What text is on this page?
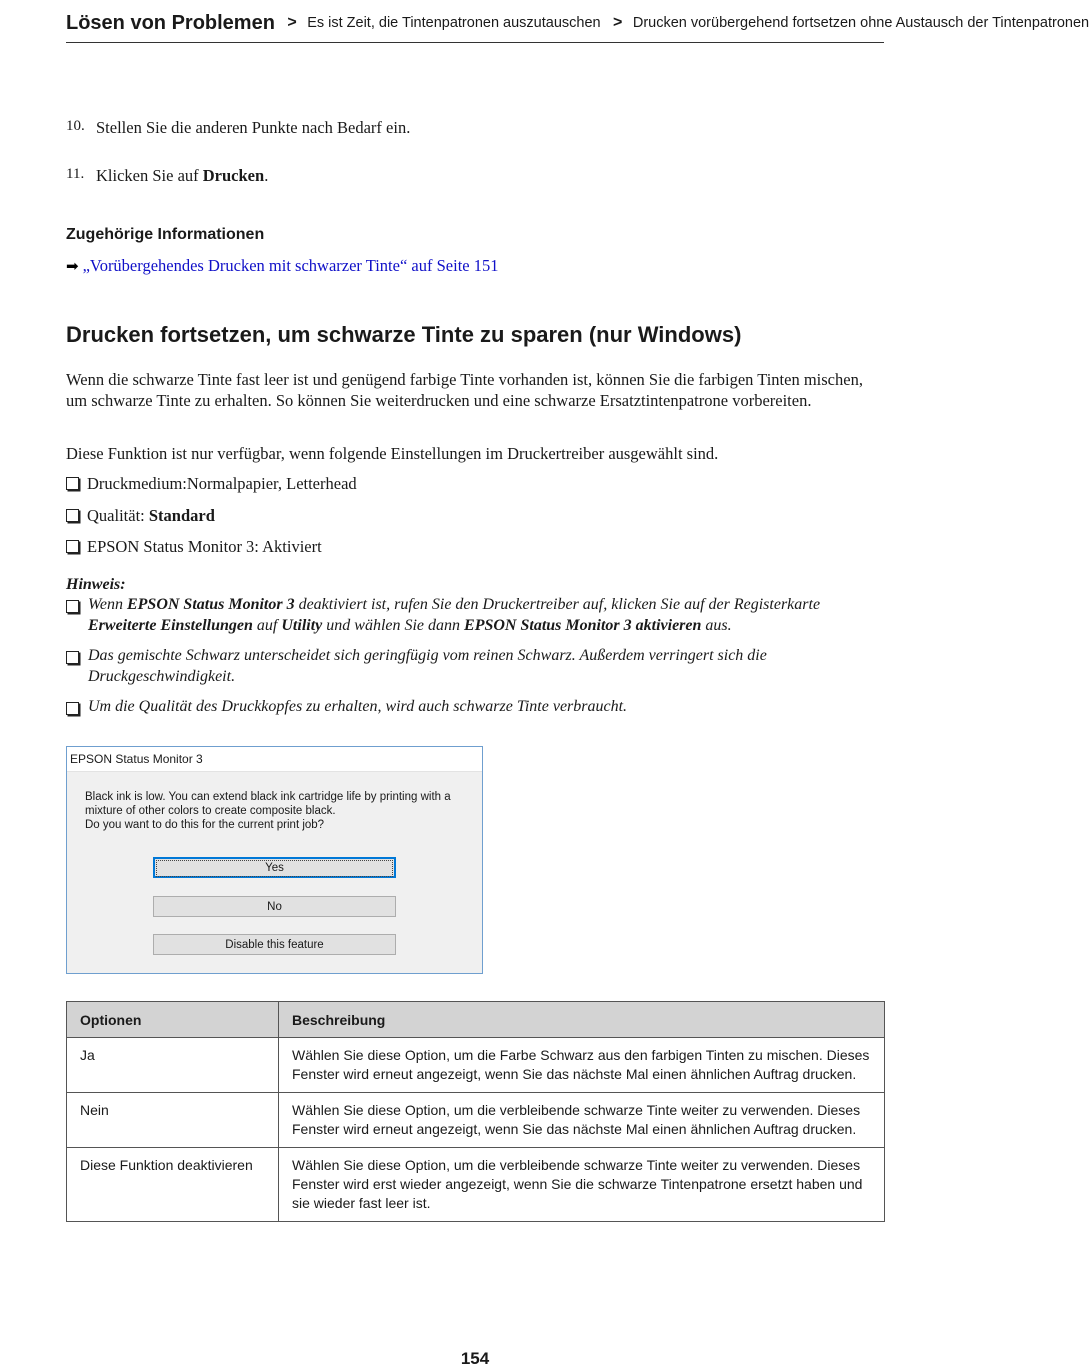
Lösen von Problemen > Es ist Zeit, die Tintenpatronen auszutauschen > Drucken vorübergehend fortsetzen ohne Austausch der Tintenpatronen
10. Stellen Sie die anderen Punkte nach Bedarf ein.
11. Klicken Sie auf Drucken.
Zugehörige Informationen
➡ „Vorübergehendes Drucken mit schwarzer Tinte“ auf Seite 151
Drucken fortsetzen, um schwarze Tinte zu sparen (nur Windows)
Wenn die schwarze Tinte fast leer ist und genügend farbige Tinte vorhanden ist, können Sie die farbigen Tinten mischen, um schwarze Tinte zu erhalten. So können Sie weiterdrucken und eine schwarze Ersatztintenpatrone vorbereiten.
Diese Funktion ist nur verfügbar, wenn folgende Einstellungen im Druckertreiber ausgewählt sind.
Druckmedium:Normalpapier, Letterhead
Qualität: Standard
EPSON Status Monitor 3: Aktiviert
Hinweis:
Wenn EPSON Status Monitor 3 deaktiviert ist, rufen Sie den Druckertreiber auf, klicken Sie auf der Registerkarte Erweiterte Einstellungen auf Utility und wählen Sie dann EPSON Status Monitor 3 aktivieren aus.
Das gemischte Schwarz unterscheidet sich geringfügig vom reinen Schwarz. Außerdem verringert sich die Druckgeschwindigkeit.
Um die Qualität des Druckkopfes zu erhalten, wird auch schwarze Tinte verbraucht.
EPSON Status Monitor 3
Black ink is low. You can extend black ink cartridge life by printing with a
mixture of other colors to create composite black.
Do you want to do this for the current print job?
Yes
No
Disable this feature
Optionen	Beschreibung
Ja	Wählen Sie diese Option, um die Farbe Schwarz aus den farbigen Tinten zu mischen. Dieses Fenster wird erneut angezeigt, wenn Sie das nächste Mal einen ähnlichen Auftrag drucken.
Nein	Wählen Sie diese Option, um die verbleibende schwarze Tinte weiter zu verwenden. Dieses Fenster wird erneut angezeigt, wenn Sie das nächste Mal einen ähnlichen Auftrag drucken.
Diese Funktion deaktivieren	Wählen Sie diese Option, um die verbleibende schwarze Tinte weiter zu verwenden. Dieses Fenster wird erst wieder angezeigt, wenn Sie die schwarze Tintenpatrone ersetzt haben und sie wieder fast leer ist.
154
